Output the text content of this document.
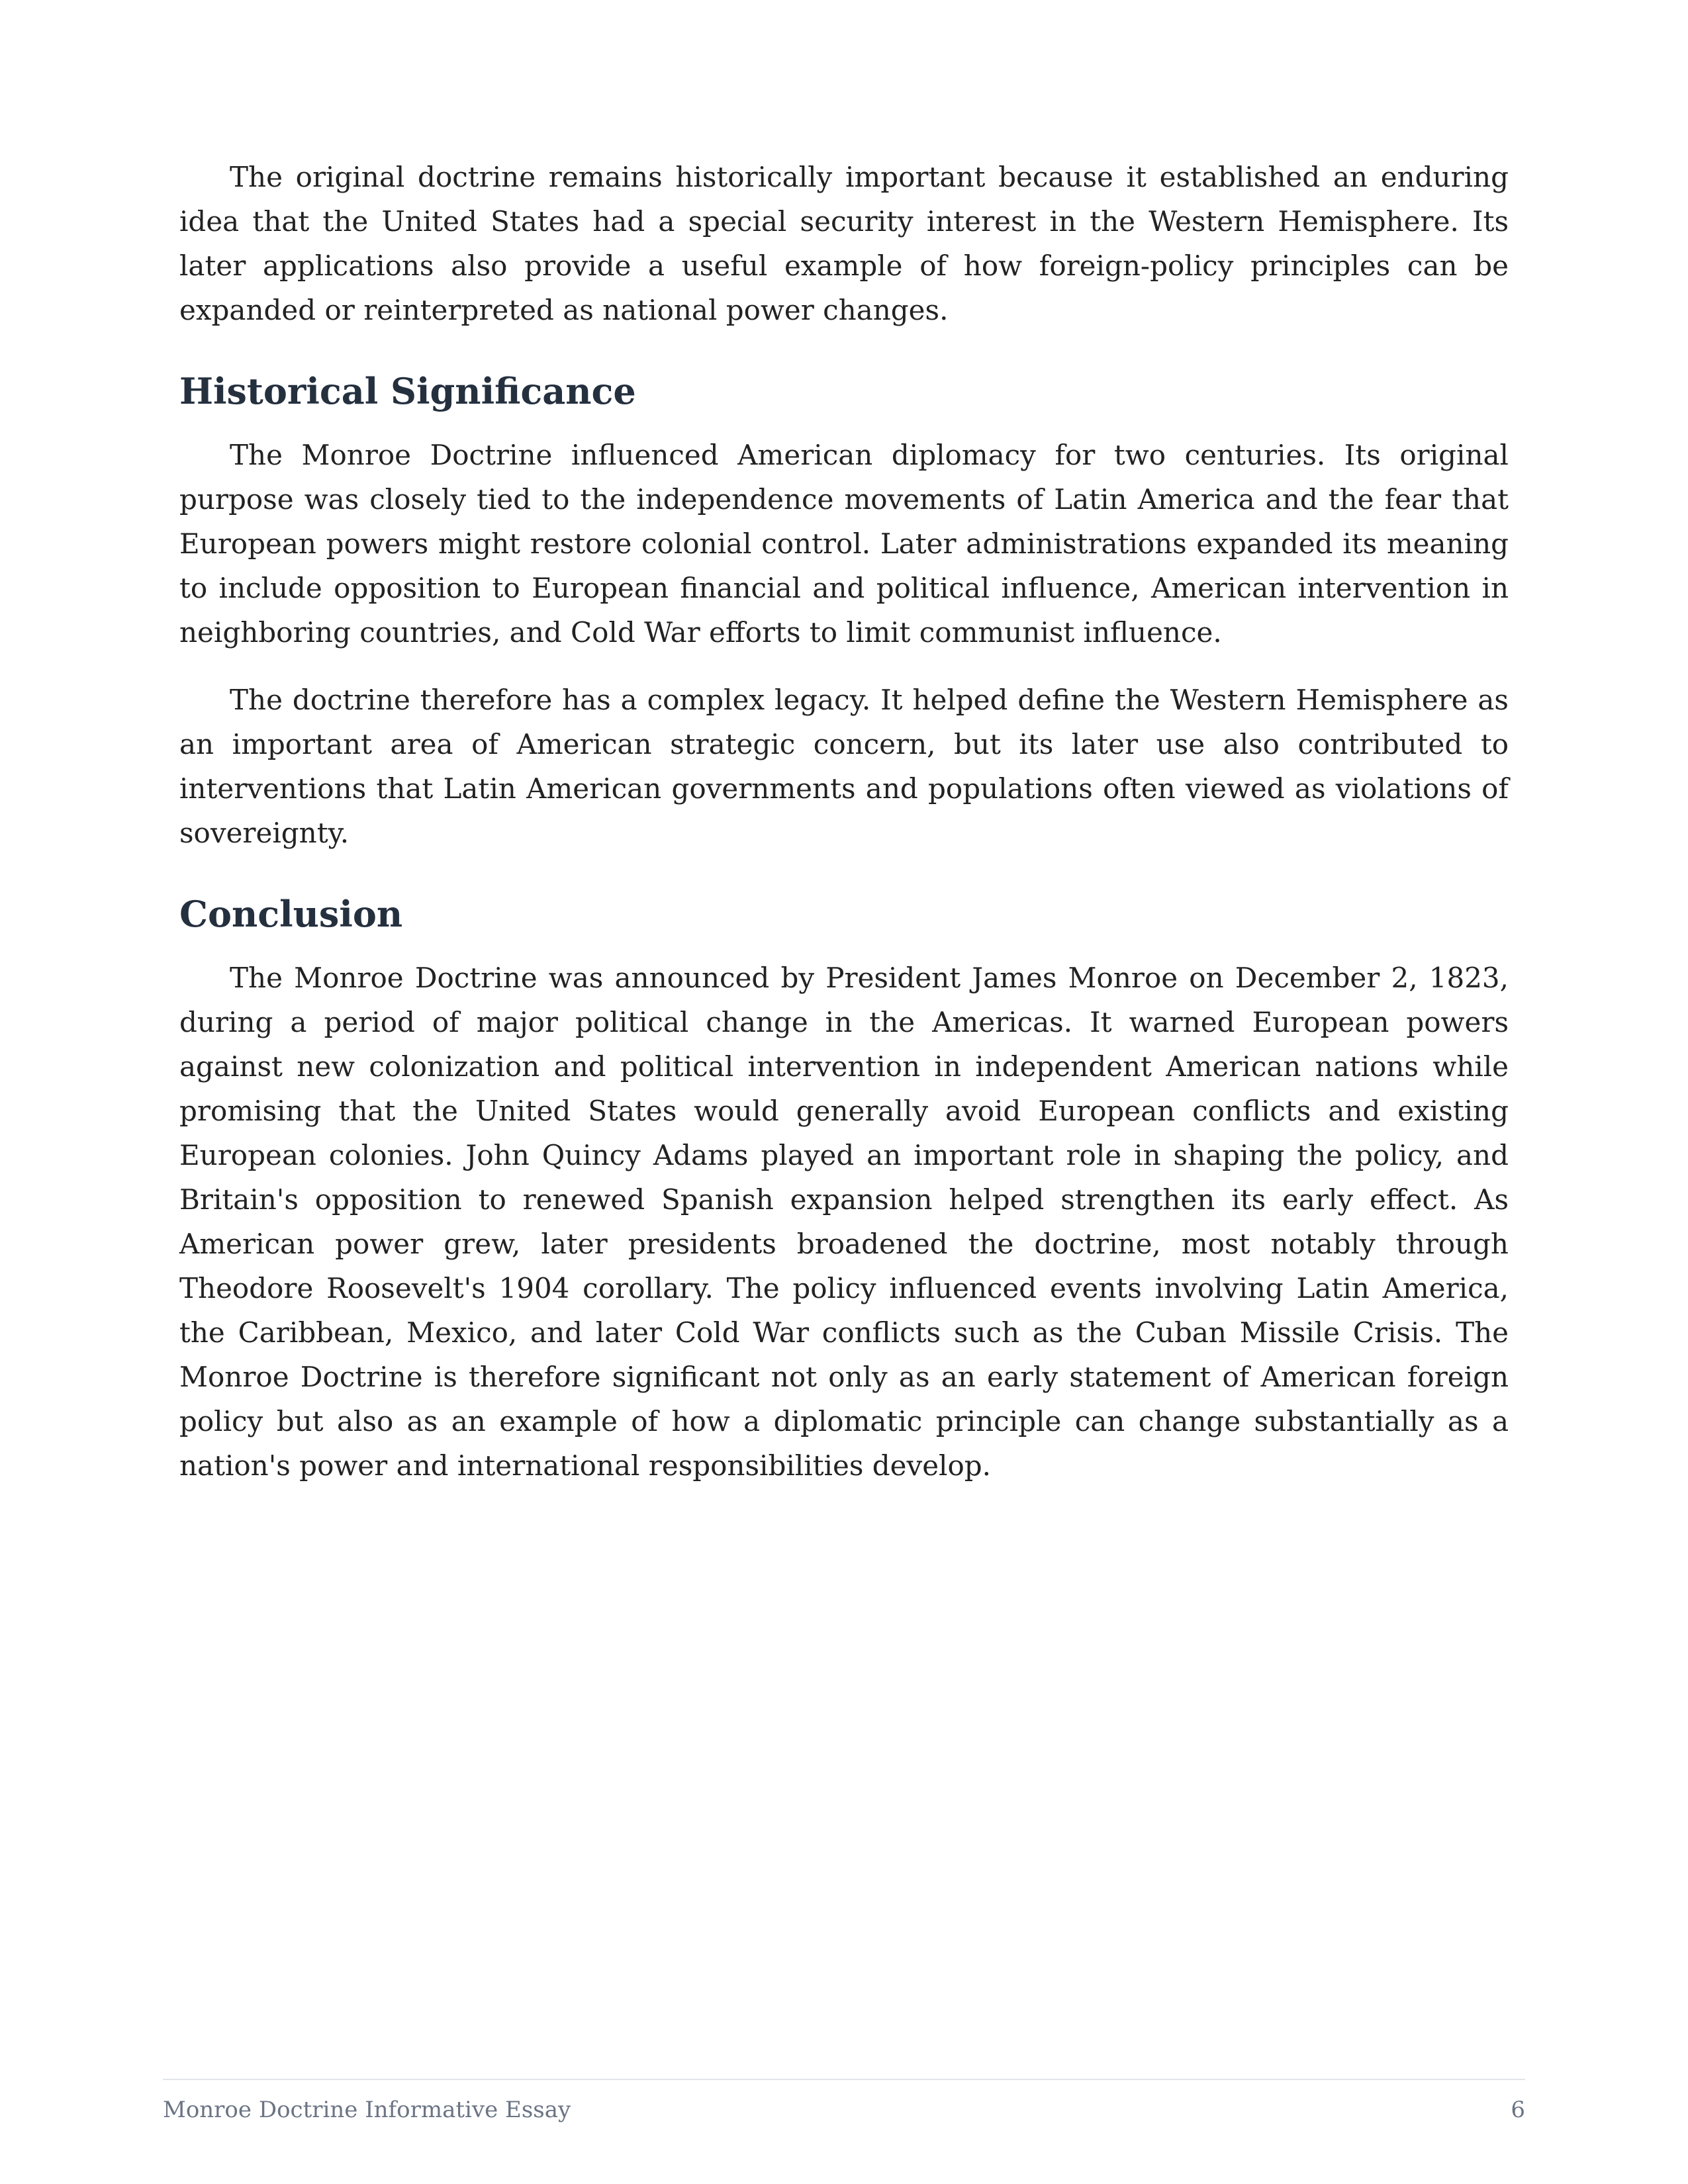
The original doctrine remains historically important because it established an enduring idea that the United States had a special security interest in the Western Hemisphere. Its later applications also provide a useful example of how foreign-policy principles can be expanded or reinterpreted as national power changes.

Historical Significance

The Monroe Doctrine influenced American diplomacy for two centuries. Its original purpose was closely tied to the independence movements of Latin America and the fear that European powers might restore colonial control. Later administrations expanded its meaning to include opposition to European financial and political influence, American intervention in neighboring countries, and Cold War efforts to limit communist influence.

The doctrine therefore has a complex legacy. It helped define the Western Hemisphere as an important area of American strategic concern, but its later use also contributed to interventions that Latin American governments and populations often viewed as violations of sovereignty.

Conclusion

The Monroe Doctrine was announced by President James Monroe on December 2, 1823, during a period of major political change in the Americas. It warned European powers against new colonization and political intervention in independent American nations while promising that the United States would generally avoid European conflicts and existing European colonies. John Quincy Adams played an important role in shaping the policy, and Britain's opposition to renewed Spanish expansion helped strengthen its early effect. As American power grew, later presidents broadened the doctrine, most notably through Theodore Roosevelt's 1904 corollary. The policy influenced events involving Latin America, the Caribbean, Mexico, and later Cold War conflicts such as the Cuban Missile Crisis. The Monroe Doctrine is therefore significant not only as an early statement of American foreign policy but also as an example of how a diplomatic principle can change substantially as a nation's power and international responsibilities develop.

Monroe Doctrine Informative Essay	6
